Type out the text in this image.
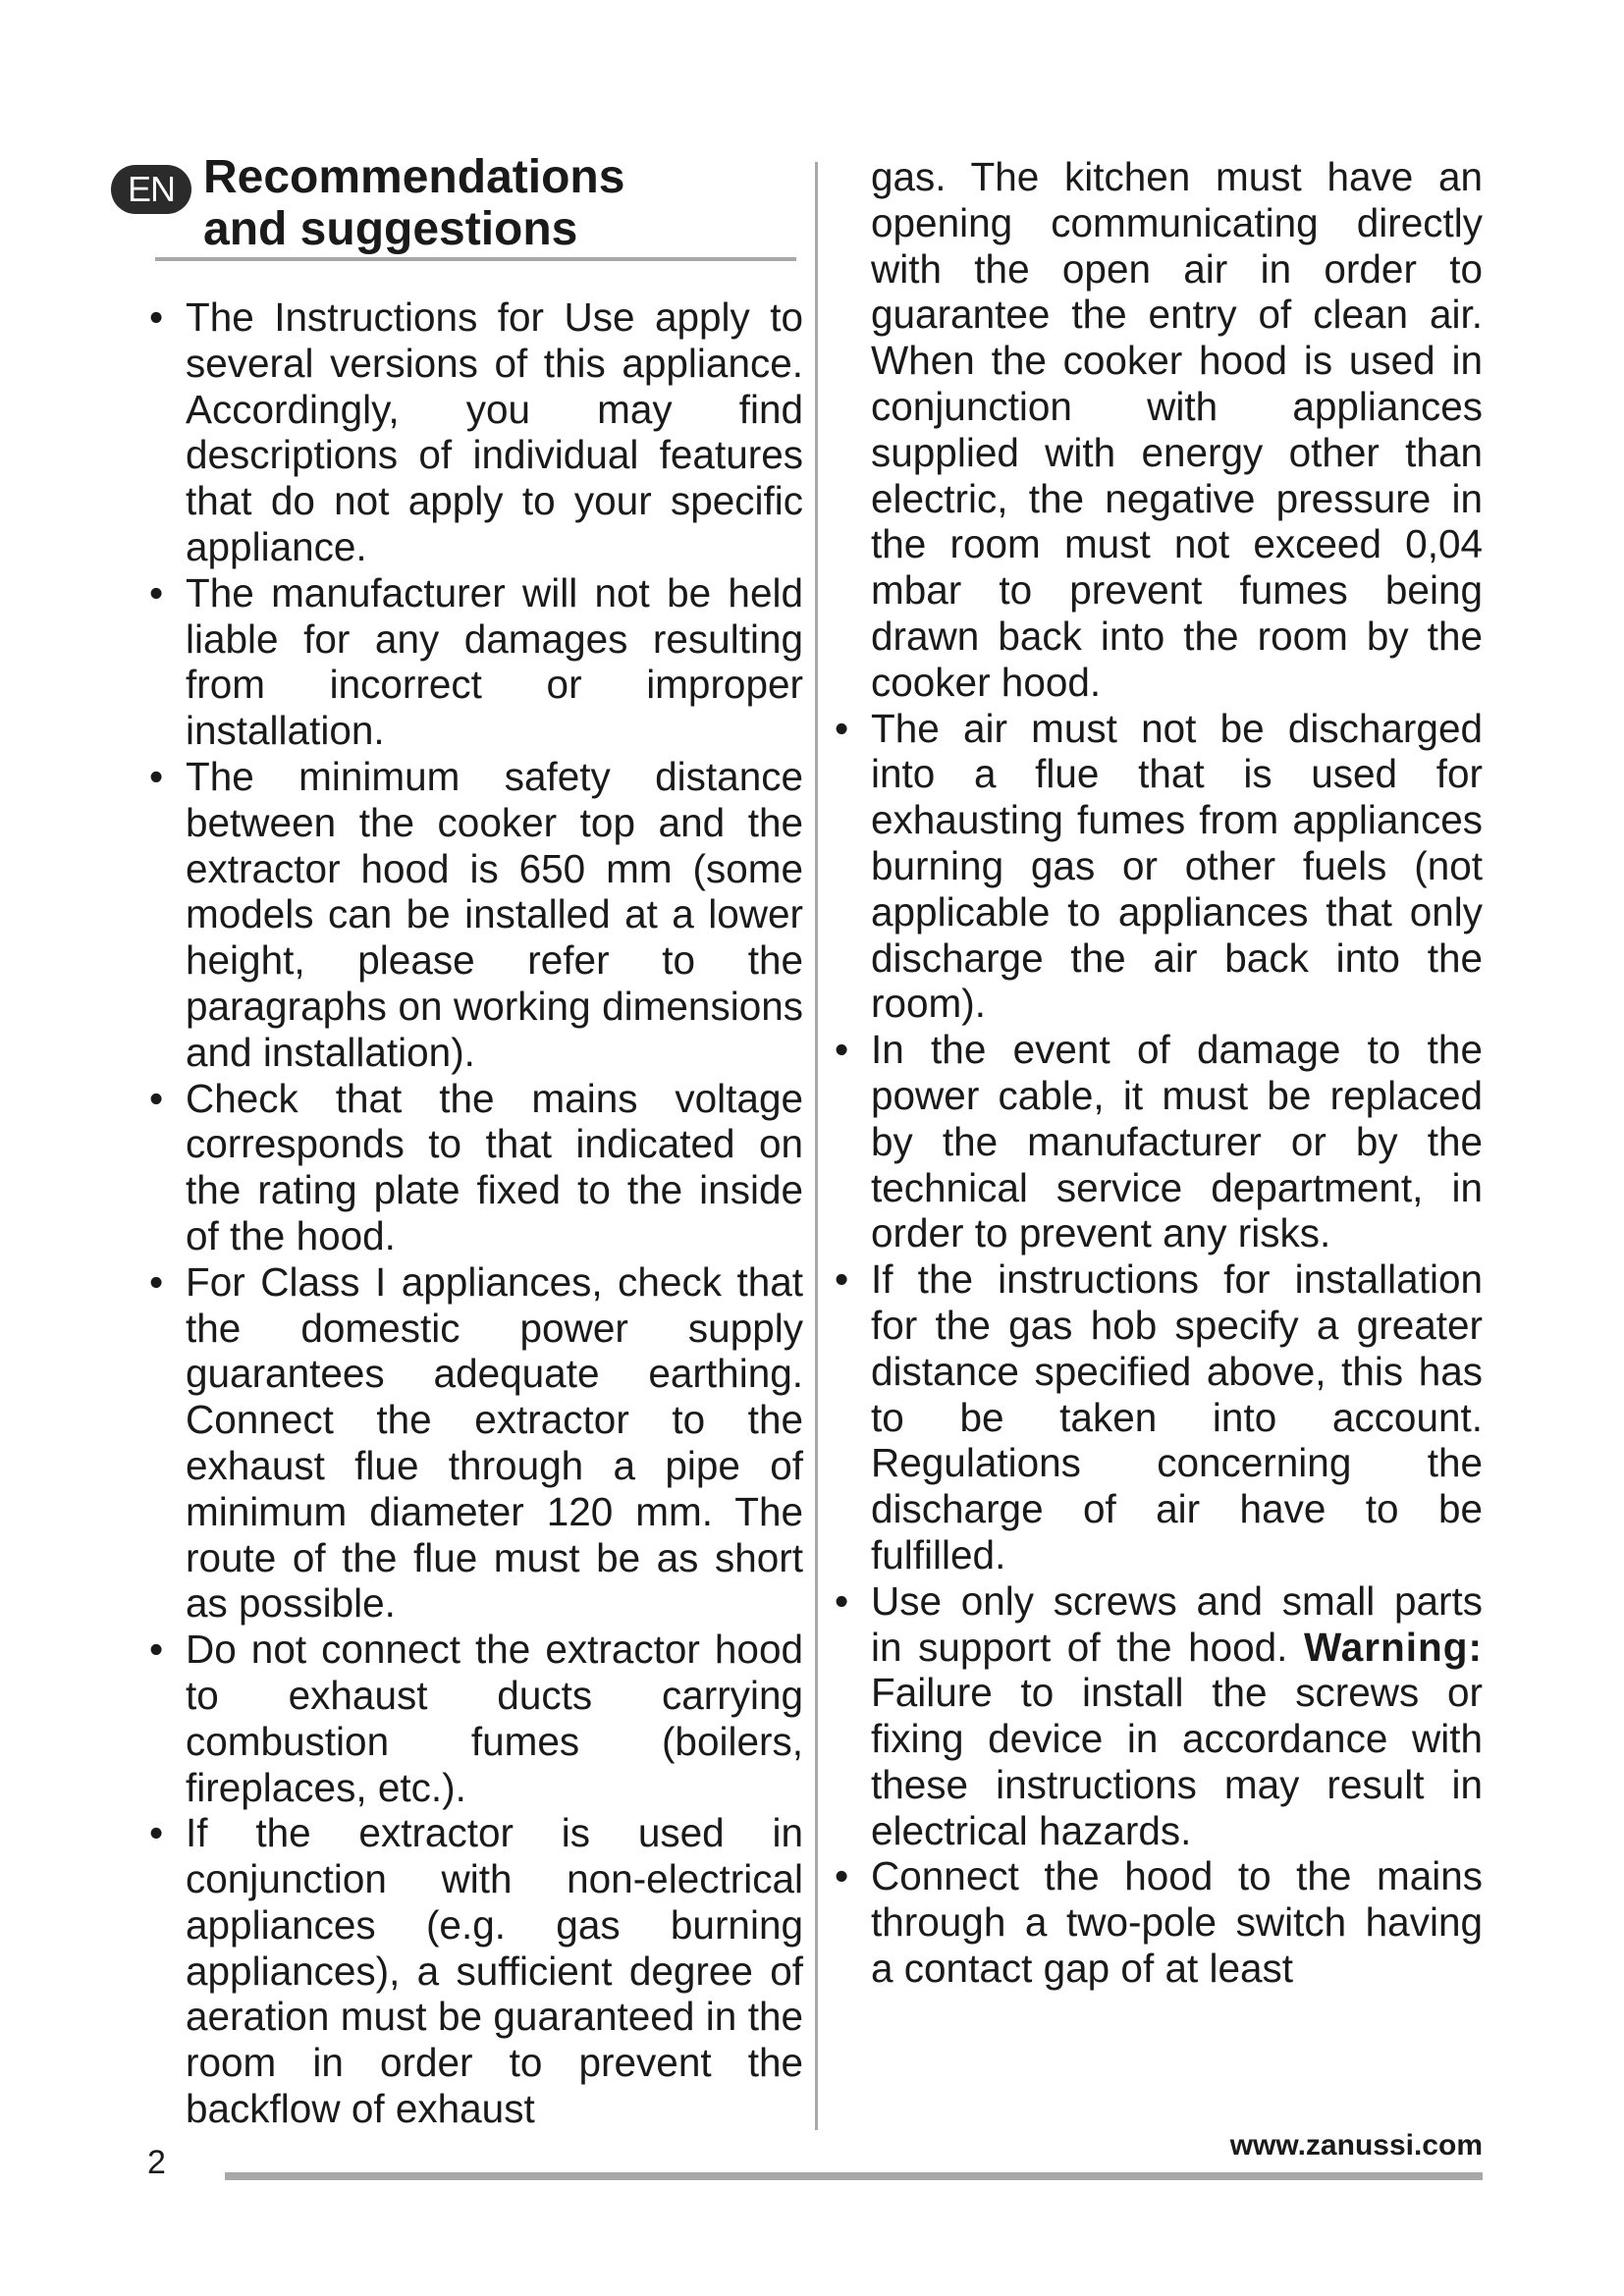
EN Recommendations
and suggestions
• The Instructions for Use apply to several versions of this appliance. Accordingly, you may find descriptions of individual features that do not apply to your specific appliance.
• The manufacturer will not be held liable for any damages resulting from incorrect or improper installation.
• The minimum safety distance between the cooker top and the extractor hood is 650 mm (some models can be installed at a lower height, please refer to the paragraphs on working dimensions and installation).
• Check that the mains voltage corresponds to that indicated on the rating plate fixed to the inside of the hood.
• For Class I appliances, check that the domestic power supply guarantees adequate earthing. Connect the extractor to the exhaust flue through a pipe of minimum diameter 120 mm. The route of the flue must be as short as possible.
• Do not connect the extractor hood to exhaust ducts carrying combustion fumes (boilers, fireplaces, etc.).
• If the extractor is used in conjunction with non-electrical appliances (e.g. gas burning appliances), a sufficient degree of aeration must be guaranteed in the room in order to prevent the backflow of exhaust
gas. The kitchen must have an opening communicating directly with the open air in order to guarantee the entry of clean air. When the cooker hood is used in conjunction with appliances supplied with energy other than electric, the negative pressure in the room must not exceed 0,04 mbar to prevent fumes being drawn back into the room by the cooker hood.
• The air must not be discharged into a flue that is used for exhausting fumes from appliances burning gas or other fuels (not applicable to appliances that only discharge the air back into the room).
• In the event of damage to the power cable, it must be replaced by the manufacturer or by the technical service department, in order to prevent any risks.
• If the instructions for installation for the gas hob specify a greater distance specified above, this has to be taken into account. Regulations concerning the discharge of air have to be fulfilled.
• Use only screws and small parts in support of the hood. Warning: Failure to install the screws or fixing device in accordance with these instructions may result in electrical hazards.
• Connect the hood to the mains through a two-pole switch having a contact gap of at least
2	www.zanussi.com
